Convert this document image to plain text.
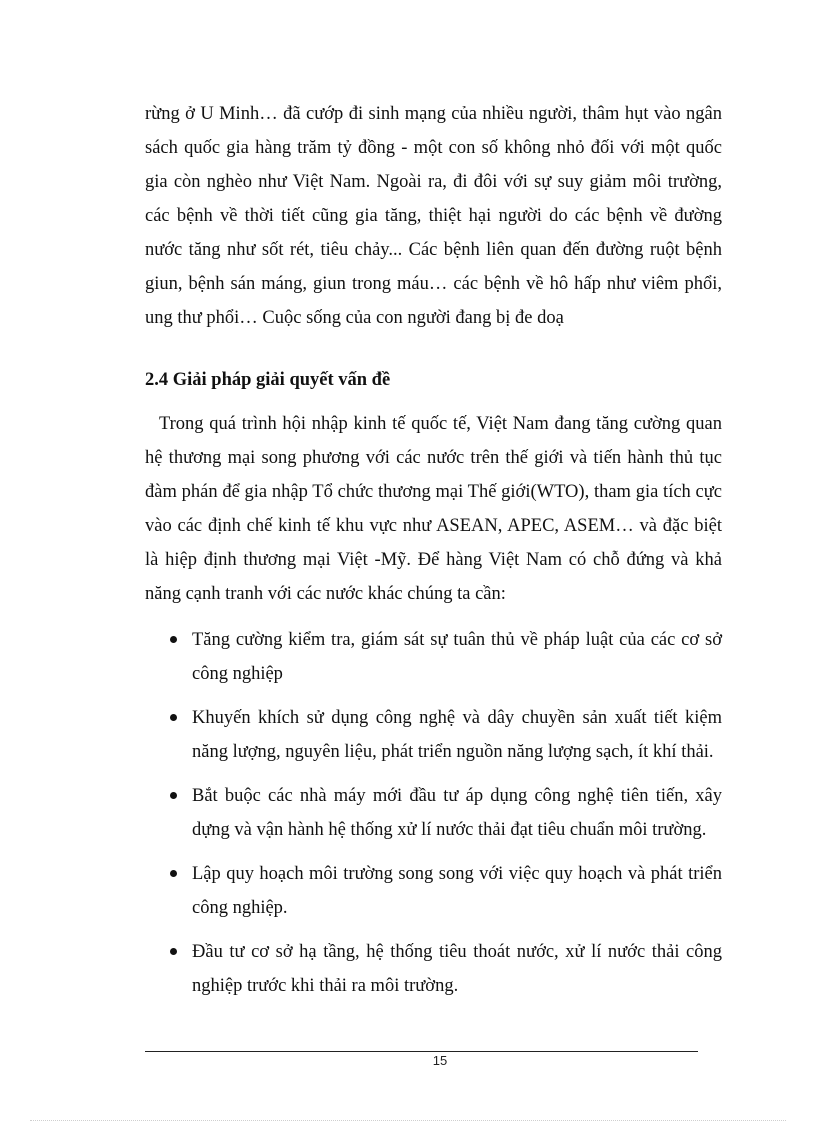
rừng ở U Minh… đã cướp đi sinh mạng của nhiều người, thâm hụt vào ngân sách quốc gia hàng trăm tỷ đồng - một con số không nhỏ đối với một quốc gia còn nghèo như Việt Nam. Ngoài ra, đi đôi với sự suy giảm môi trường, các bệnh về thời tiết cũng gia tăng, thiệt hại người do các bệnh về đường nước tăng như sốt rét, tiêu chảy... Các bệnh liên quan đến đường ruột bệnh giun, bệnh sán máng, giun trong máu… các bệnh về hô hấp như viêm phổi, ung thư phổi… Cuộc sống của con người đang bị đe doạ

2.4 Giải pháp giải quyết vấn đề

Trong quá trình hội nhập kinh tế quốc tế, Việt Nam đang tăng cường quan hệ thương mại song phương với các nước trên thế giới và tiến hành thủ tục đàm phán để gia nhập Tổ chức thương mại Thế giới(WTO), tham gia tích cực vào các định chế kinh tế khu vực như ASEAN, APEC, ASEM… và đặc biệt là hiệp định thương mại Việt -Mỹ. Để hàng Việt Nam có chỗ đứng và khả năng cạnh tranh với các nước khác chúng ta cần:

Tăng cường kiểm tra, giám sát sự tuân thủ về pháp luật của các cơ sở công nghiệp
Khuyến khích sử dụng công nghệ và dây chuyền sản xuất tiết kiệm năng lượng, nguyên liệu, phát triển nguồn năng lượng sạch, ít khí thải.
Bắt buộc các nhà máy mới đầu tư áp dụng công nghệ tiên tiến, xây dựng và vận hành hệ thống xử lí nước thải đạt tiêu chuẩn môi trường.
Lập quy hoạch môi trường song song với việc quy hoạch và phát triển công nghiệp.
Đầu tư cơ sở hạ tầng, hệ thống tiêu thoát nước, xử lí nước thải công nghiệp trước khi thải ra môi trường.
15
